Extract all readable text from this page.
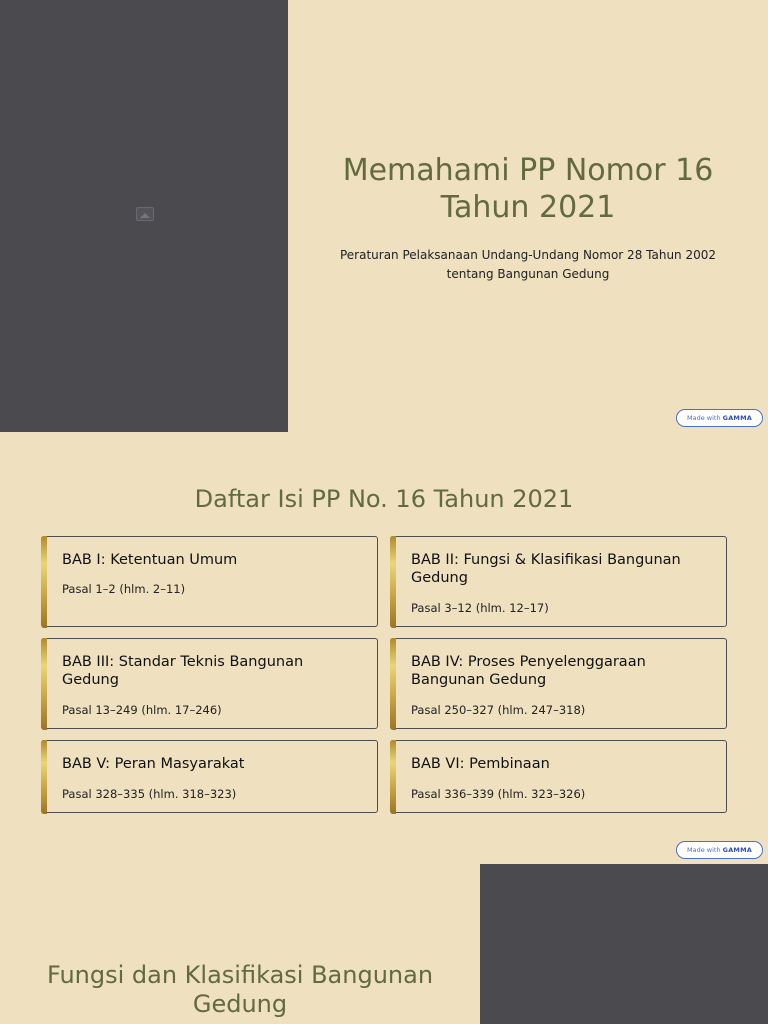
Memahami PP Nomor 16 Tahun 2021

Peraturan Pelaksanaan Undang-Undang Nomor 28 Tahun 2002 tentang Bangunan Gedung

Made with GAMMA
Daftar Isi PP No. 16 Tahun 2021

BAB I: Ketentuan Umum

Pasal 1–2 (hlm. 2–11)

BAB II: Fungsi & Klasifikasi Bangunan Gedung

Pasal 3–12 (hlm. 12–17)

BAB III: Standar Teknis Bangunan Gedung

Pasal 13–249 (hlm. 17–246)

BAB IV: Proses Penyelenggaraan Bangunan Gedung

Pasal 250–327 (hlm. 247–318)

BAB V: Peran Masyarakat

Pasal 328–335 (hlm. 318–323)

BAB VI: Pembinaan

Pasal 336–339 (hlm. 323–326)

Made with GAMMA
Fungsi dan Klasifikasi Bangunan Gedung
